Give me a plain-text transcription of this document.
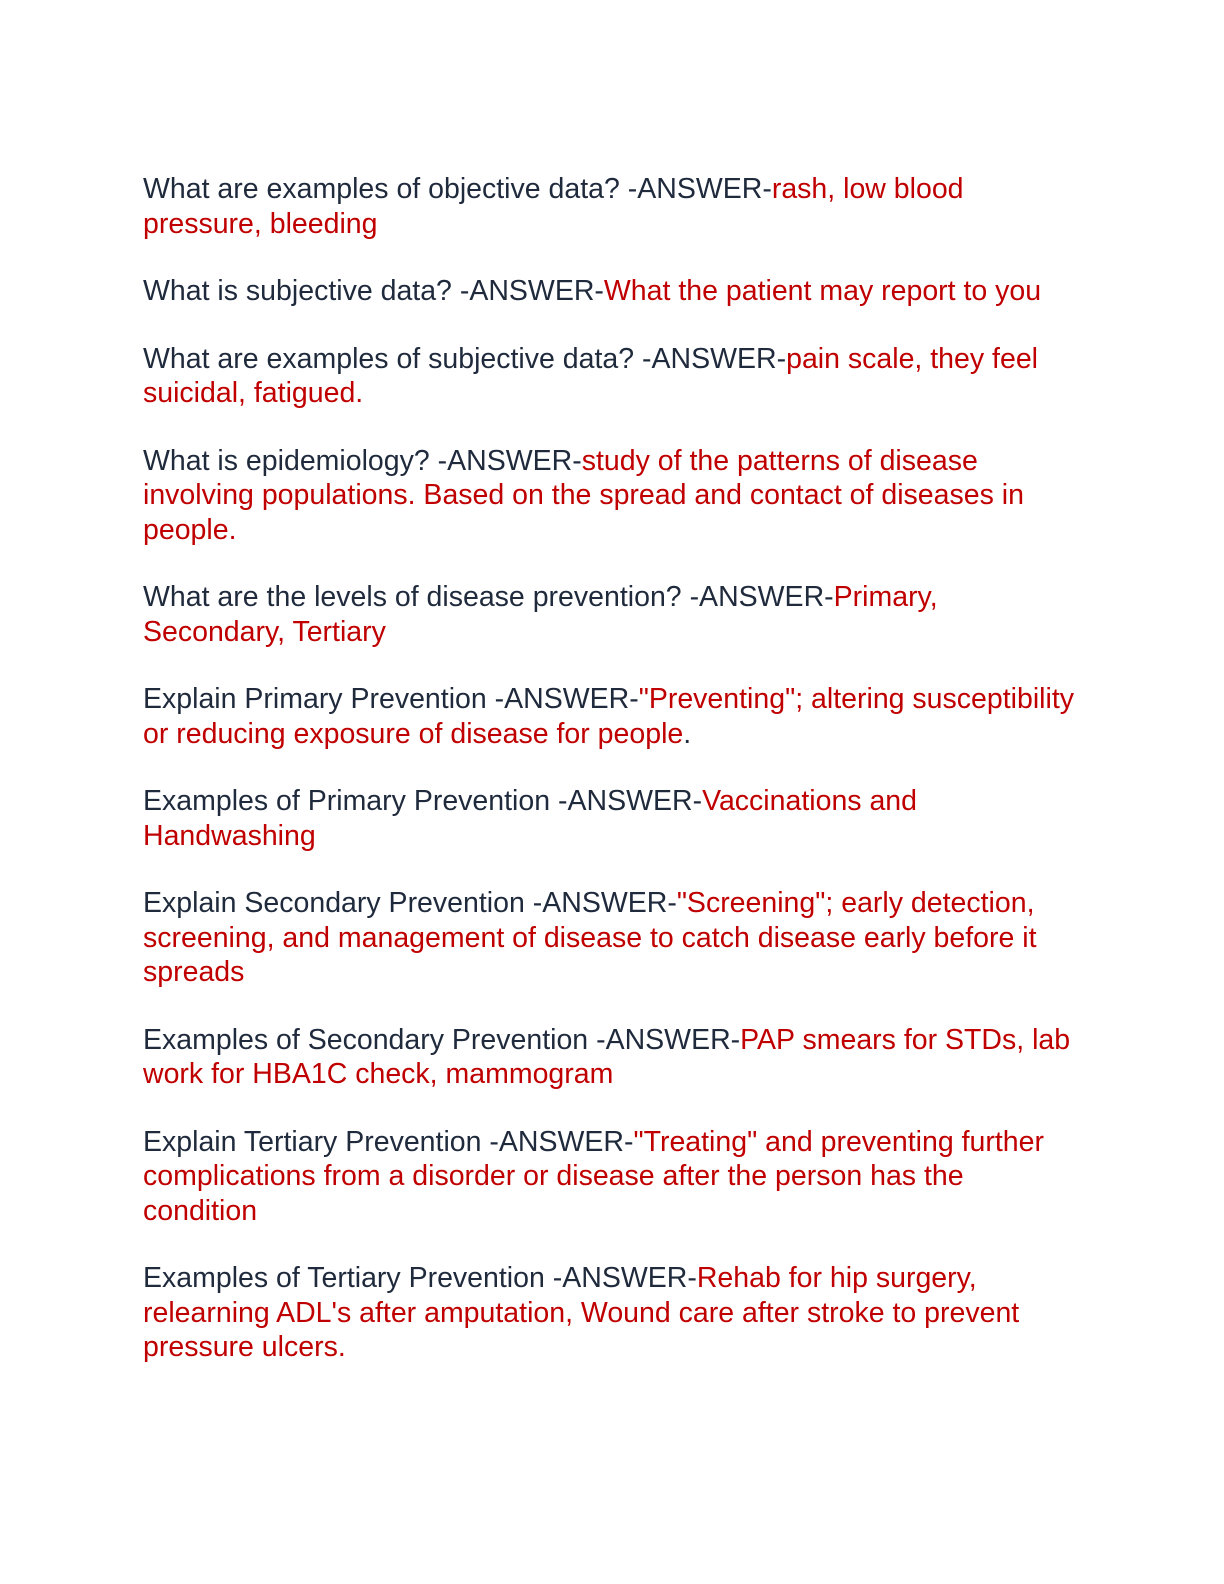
What are examples of objective data? -ANSWER-rash, low blood pressure, bleeding

What is subjective data? -ANSWER-What the patient may report to you

What are examples of subjective data? -ANSWER-pain scale, they feel suicidal, fatigued.

What is epidemiology? -ANSWER-study of the patterns of disease involving populations. Based on the spread and contact of diseases in people.

What are the levels of disease prevention? -ANSWER-Primary, Secondary, Tertiary

Explain Primary Prevention -ANSWER-"Preventing"; altering susceptibility or reducing exposure of disease for people.

Examples of Primary Prevention -ANSWER-Vaccinations and Handwashing

Explain Secondary Prevention -ANSWER-"Screening"; early detection, screening, and management of disease to catch disease early before it spreads

Examples of Secondary Prevention -ANSWER-PAP smears for STDs, lab work for HBA1C check, mammogram

Explain Tertiary Prevention -ANSWER-"Treating" and preventing further complications from a disorder or disease after the person has the condition

Examples of Tertiary Prevention -ANSWER-Rehab for hip surgery, relearning ADL's after amputation, Wound care after stroke to prevent pressure ulcers.
